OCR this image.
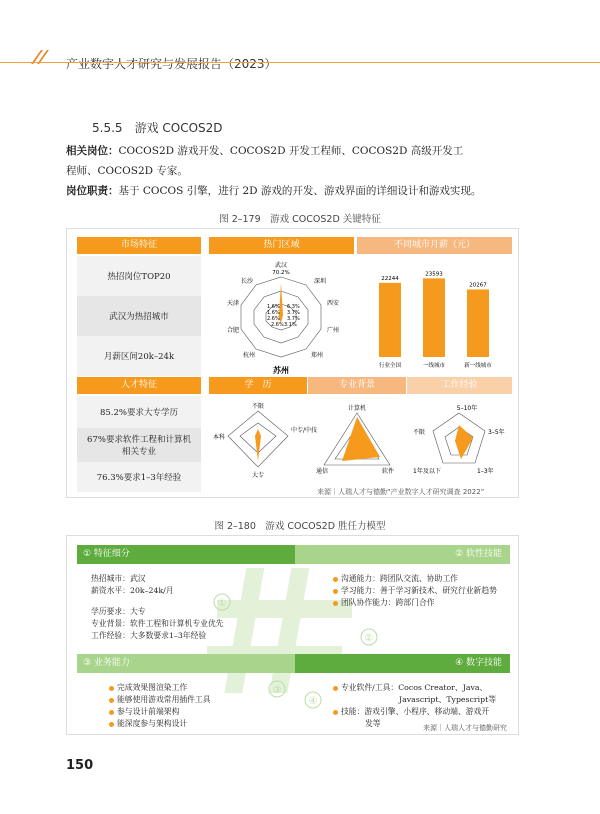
产业数字人才研究与发展报告（2023）
5.5.5　 游戏 COCOS2D
相关岗位：COCOS2D 游戏开发、COCOS2D 开发工程师、COCOS2D 高级开发工
程师、COCOS2D 专家。
岗位职责：基于 COCOS 引擎，进行 2D 游戏的开发、游戏界面的详细设计和游戏实现。
图 2–179　游戏 COCOS2D 关键特征
市场特征
热招岗位TOP20
武汉为热招城市
月薪区间20k–24k
热门区域	不同城市月薪（元）
武汉
70.2%
深圳
西安
广州
郑州
苏州
杭州
合肥
天津
长沙
6.3%
3.7%
3.7%
3.1%
1.6%
1.6%
2.6%
2.6%
22244
行业全国
23593
一线城市
20267
新一线城市
人才特征
85.2%要求大专学历
67%要求软件工程和计算机相关专业
76.3%要求1–3年经验
学　历	专业背景	工作经验
不限
中专/中技
大专
本科
计算机
软件
通信
5–10年
3–5年
1–3年
1年及以下
不限
来源｜人瑞人才与德勤“产业数字人才研究调查 2022”
图 2–180　游戏 COCOS2D 胜任力模型
①
②
③
④
① 特征细分	② 软性技能
热招城市：武汉
薪资水平：20k–24k/月
学历要求：大专
专业背景：软件工程和计算机专业优先
工作经验：大多数要求1–3年经验
沟通能力：跨团队交流、协助工作
学习能力：善于学习新技术、研究行业新趋势
团队协作能力：跨部门合作
③ 业务能力	④ 数字技能
完成效果图渲染工作
能够使用游戏常用插件工具
参与设计前端架构
能深度参与架构设计
专业软件/工具：Cocos Creator、Java、
Javascript、Typescript等
技能：游戏引擎、小程序、移动端、游戏开
发等	来源｜人瑞人才与德勤研究
150
